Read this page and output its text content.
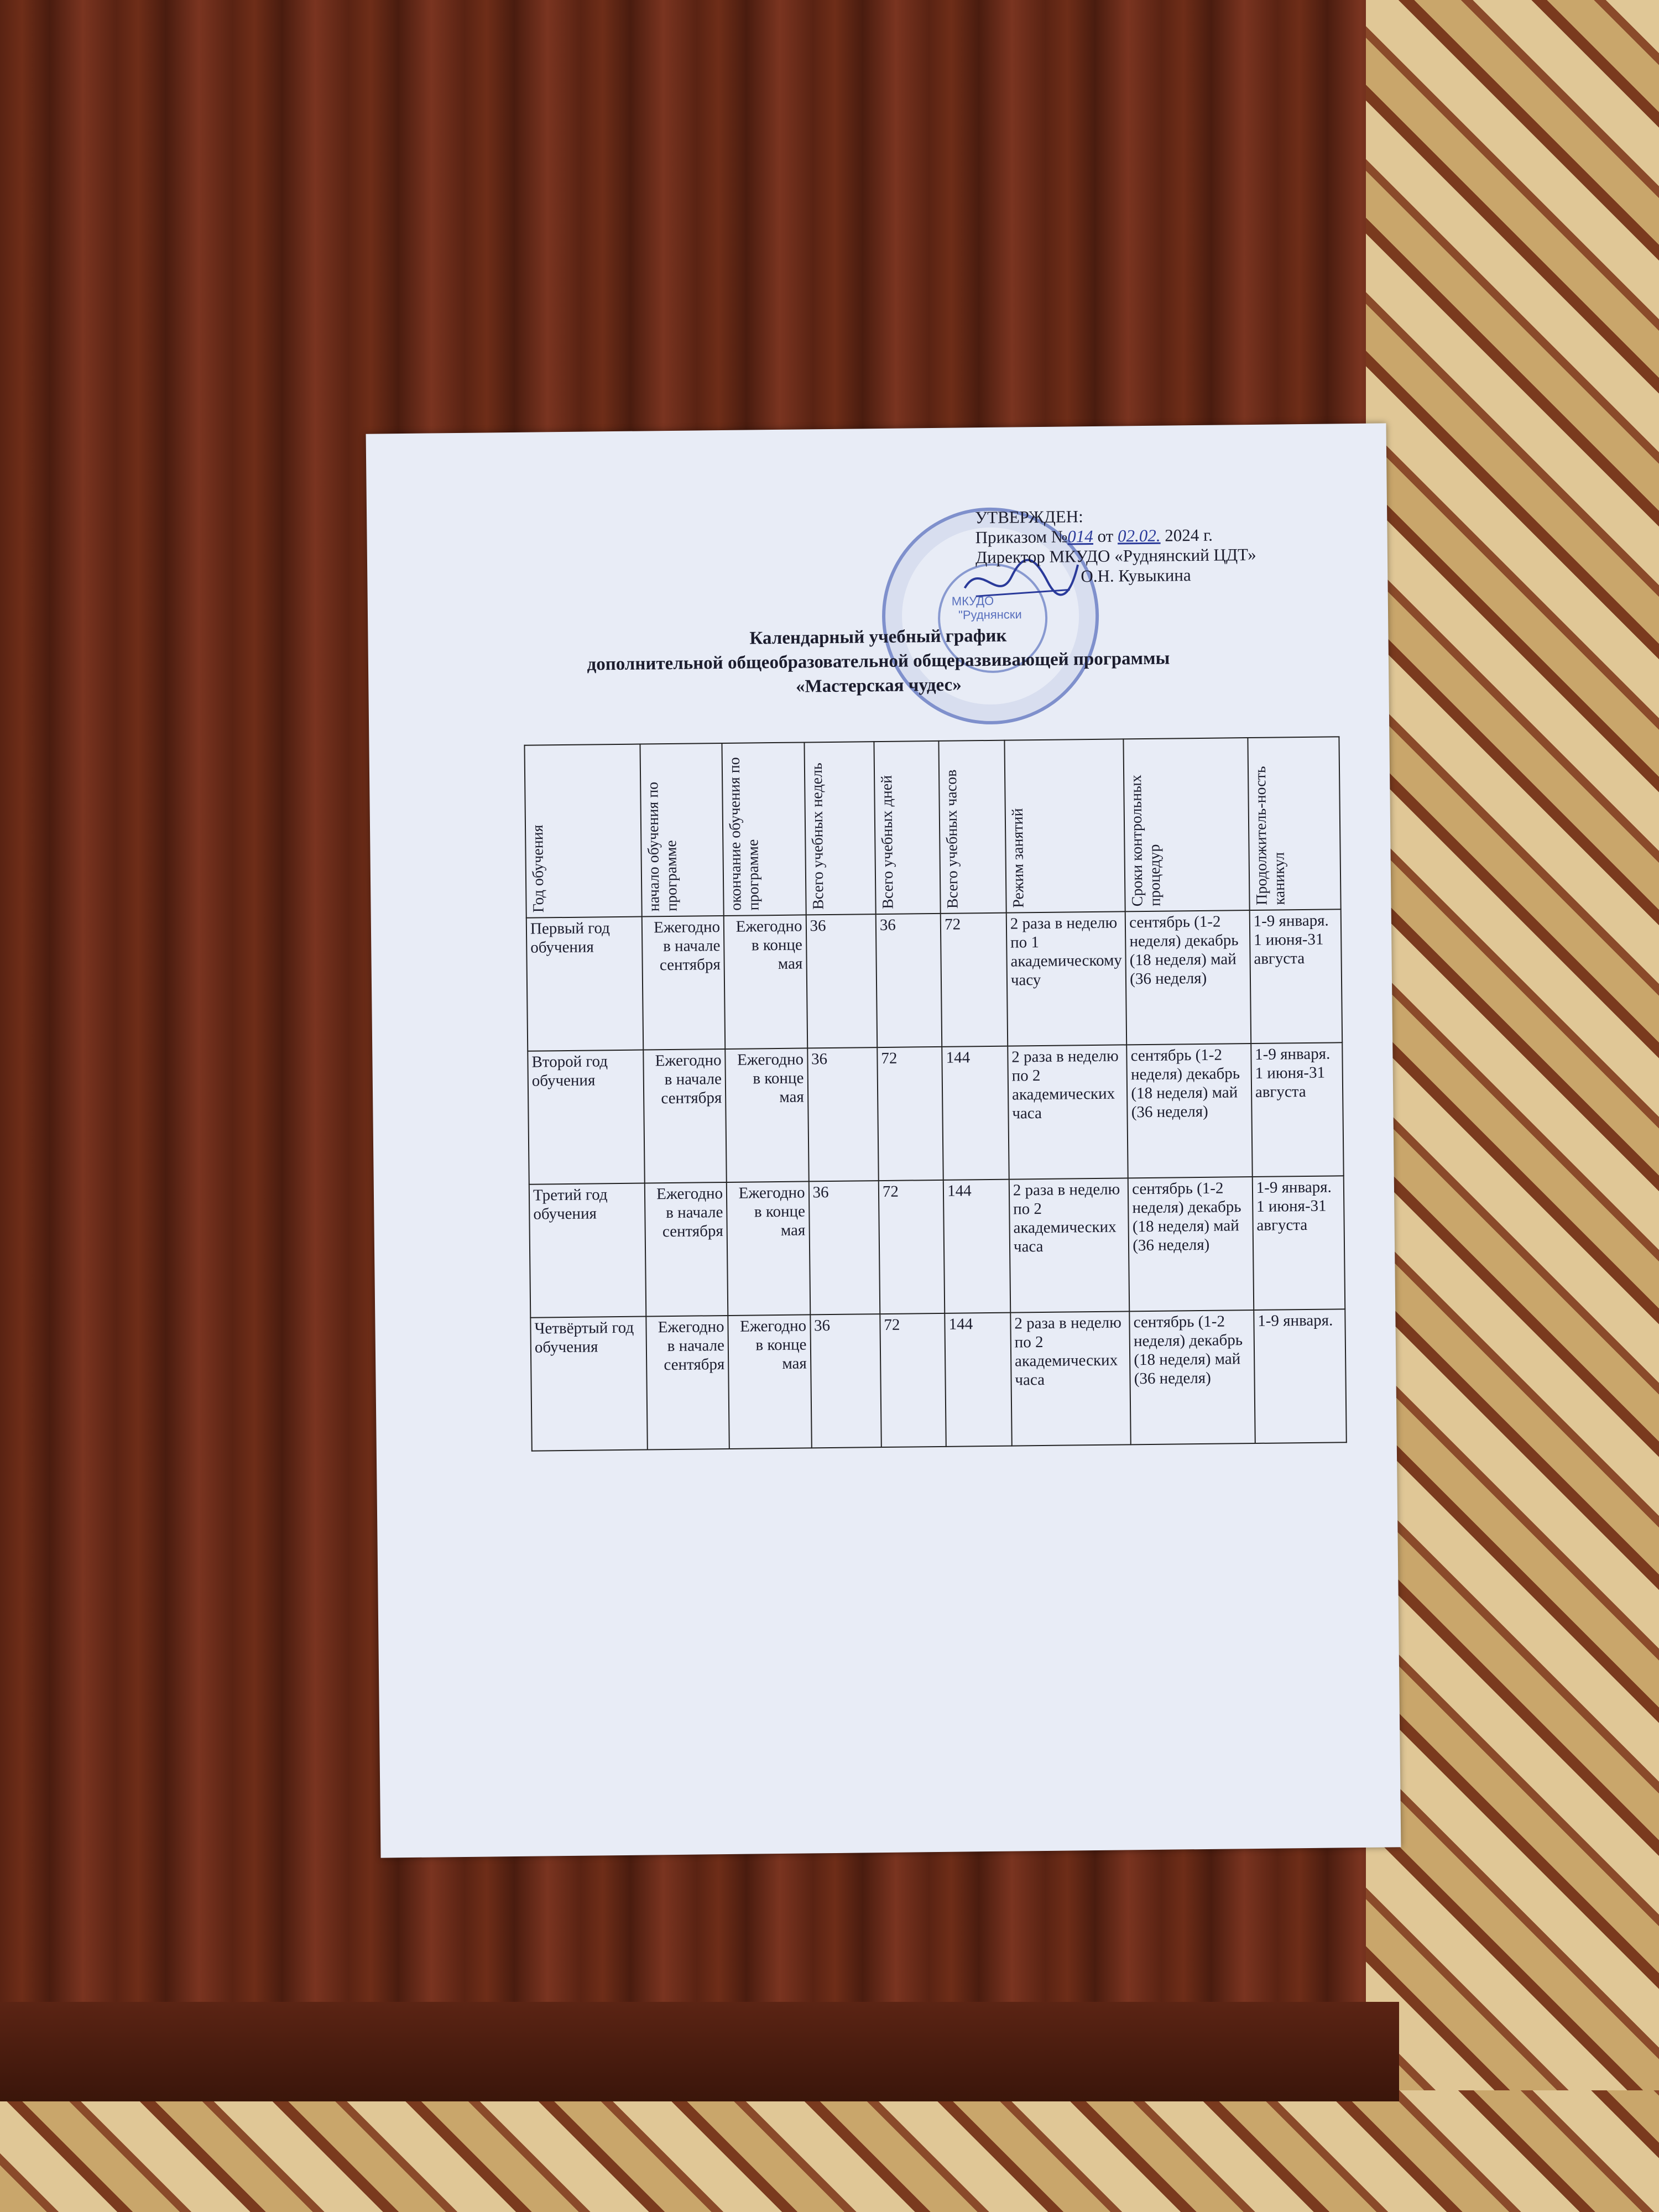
МКУДО
"Руднянски
УТВЕРЖДЕН:
Приказом №014 от 02.02. 2024 г.
Директор МКУДО «Руднянский ЦДТ»
О.Н. Кувыкина
Календарный учебный график
дополнительной общеобразовательной общеразвивающей программы
«Мастерская чудес»
Год обучения	начало обучения по программе	окончание обучения по программе	Всего учебных недель	Всего учебных дней	Всего учебных часов	Режим занятий	Сроки контрольных процедур	Продолжитель-ность каникул

Первый год обучения	Ежегодно в начале сентября	Ежегодно в конце мая	36	36	72	2 раза в неделю по 1 академическому часу	сентябрь (1-2 неделя) декабрь (18 неделя) май (36 неделя)	1-9 января. 1 июня-31 августа
Второй год обучения	Ежегодно в начале сентября	Ежегодно в конце мая	36	72	144	2 раза в неделю по 2 академических часа	сентябрь (1-2 неделя) декабрь (18 неделя) май (36 неделя)	1-9 января. 1 июня-31 августа
Третий год обучения	Ежегодно в начале сентября	Ежегодно в конце мая	36	72	144	2 раза в неделю по 2 академических часа	сентябрь (1-2 неделя) декабрь (18 неделя) май (36 неделя)	1-9 января. 1 июня-31 августа
Четвёртый год обучения	Ежегодно в начале сентября	Ежегодно в конце мая	36	72	144	2 раза в неделю по 2 академических часа	сентябрь (1-2 неделя) декабрь (18 неделя) май (36 неделя)	1-9 января.
